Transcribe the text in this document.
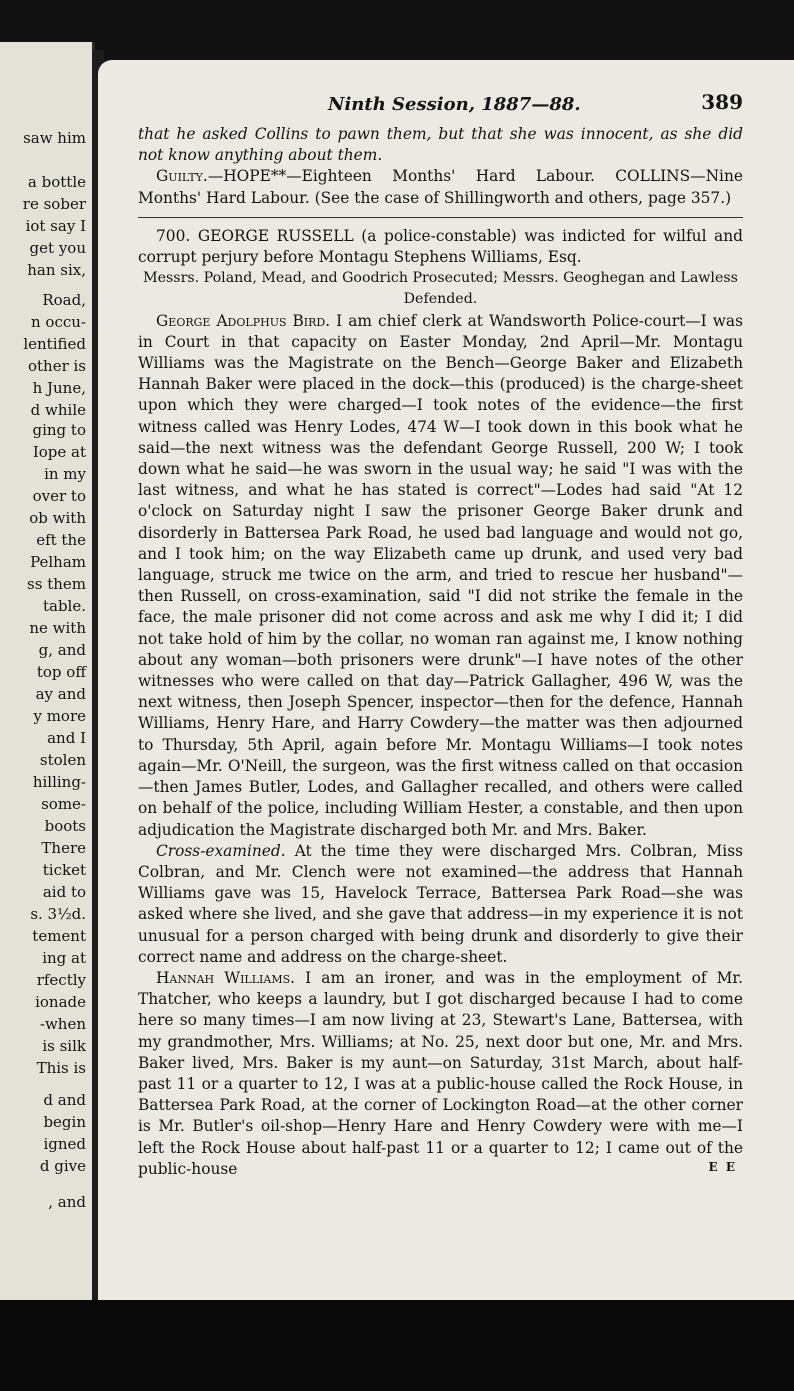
saw him
a bottle
re sober
iot say I
get you
han six,
Road,
n occu-
lentified
other is
h June,
d while
ging to
Iope at
in my
over to
ob with
eft the
Pelham
ss them
table.
ne with
g, and
top off
ay and
y more
and I
stolen
hilling-
some-
boots
There
ticket
aid to
s. 3½d.
tement
ing at
rfectly
ionade
-when
is silk
This is
d and
begin
igned
d give
, and
Ninth Session, 1887—88.	389

that he asked Collins to pawn them, but that she was innocent, as she did not know anything about them.

Guilty.—HOPE**—Eighteen Months' Hard Labour. COLLINS—Nine Months' Hard Labour. (See the case of Shillingworth and others, page 357.)

700. GEORGE RUSSELL (a police-constable) was indicted for wilful and corrupt perjury before Montagu Stephens Williams, Esq.

Messrs. Poland, Mead, and Goodrich Prosecuted; Messrs. Geoghegan and Lawless Defended.

George Adolphus Bird. I am chief clerk at Wandsworth Police-court—I was in Court in that capacity on Easter Monday, 2nd April—Mr. Montagu Williams was the Magistrate on the Bench—George Baker and Elizabeth Hannah Baker were placed in the dock—this (produced) is the charge-sheet upon which they were charged—I took notes of the evidence—the first witness called was Henry Lodes, 474 W—I took down in this book what he said—the next witness was the defendant George Russell, 200 W; I took down what he said—he was sworn in the usual way; he said "I was with the last witness, and what he has stated is correct"—Lodes had said "At 12 o'clock on Saturday night I saw the prisoner George Baker drunk and disorderly in Battersea Park Road, he used bad language and would not go, and I took him; on the way Elizabeth came up drunk, and used very bad language, struck me twice on the arm, and tried to rescue her husband"—then Russell, on cross-examination, said "I did not strike the female in the face, the male prisoner did not come across and ask me why I did it; I did not take hold of him by the collar, no woman ran against me, I know nothing about any woman—both prisoners were drunk"—I have notes of the other witnesses who were called on that day—Patrick Gallagher, 496 W, was the next witness, then Joseph Spencer, inspector—then for the defence, Hannah Williams, Henry Hare, and Harry Cowdery—the matter was then adjourned to Thursday, 5th April, again before Mr. Montagu Williams—I took notes again—Mr. O'Neill, the surgeon, was the first witness called on that occasion—then James Butler, Lodes, and Gallagher recalled, and others were called on behalf of the police, including William Hester, a constable, and then upon adjudication the Magistrate discharged both Mr. and Mrs. Baker.

Cross-examined. At the time they were discharged Mrs. Colbran, Miss Colbran, and Mr. Clench were not examined—the address that Hannah Williams gave was 15, Havelock Terrace, Battersea Park Road—she was asked where she lived, and she gave that address—in my experience it is not unusual for a person charged with being drunk and disorderly to give their correct name and address on the charge-sheet.

Hannah Williams. I am an ironer, and was in the employment of Mr. Thatcher, who keeps a laundry, but I got discharged because I had to come here so many times—I am now living at 23, Stewart's Lane, Battersea, with my grandmother, Mrs. Williams; at No. 25, next door but one, Mr. and Mrs. Baker lived, Mrs. Baker is my aunt—on Saturday, 31st March, about half-past 11 or a quarter to 12, I was at a public-house called the Rock House, in Battersea Park Road, at the corner of Lockington Road—at the other corner is Mr. Butler's oil-shop—Henry Hare and Henry Cowdery were with me—I left the Rock House about half-past 11 or a quarter to 12; I came out of the public-house	E E
